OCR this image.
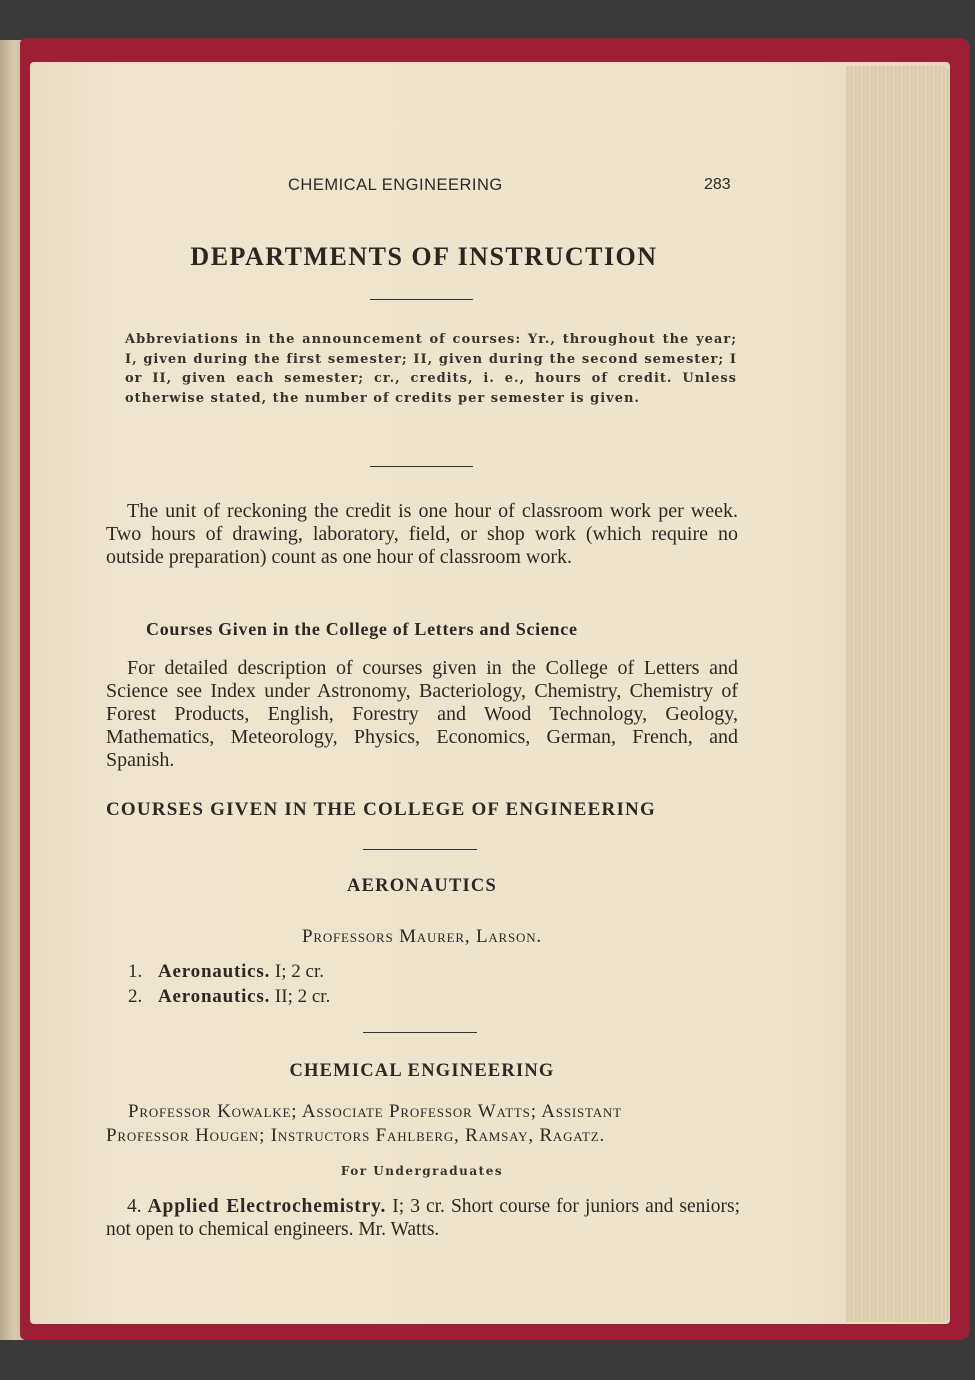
CHEMICAL ENGINEERING	283
DEPARTMENTS OF INSTRUCTION
Abbreviations in the announcement of courses: Yr., throughout the year; I, given during the first semester; II, given during the second semester; I or II, given each semester; cr., credits, i. e., hours of credit. Unless otherwise stated, the number of credits per semester is given.
The unit of reckoning the credit is one hour of classroom work per week. Two hours of drawing, laboratory, field, or shop work (which require no outside preparation) count as one hour of classroom work.
Courses Given in the College of Letters and Science
For detailed description of courses given in the College of Letters and Science see Index under Astronomy, Bacteriology, Chemistry, Chemistry of Forest Products, English, Forestry and Wood Technology, Geology, Mathematics, Meteorology, Physics, Economics, German, French, and Spanish.
COURSES GIVEN IN THE COLLEGE OF ENGINEERING
AERONAUTICS
Professors Maurer, Larson.
1. Aeronautics. I; 2 cr.
2. Aeronautics. II; 2 cr.
CHEMICAL ENGINEERING
Professor Kowalke; Associate Professor Watts; Assistant
Professor Hougen; Instructors Fahlberg, Ramsay, Ragatz.
For Undergraduates
4. Applied Electrochemistry. I; 3 cr. Short course for juniors and seniors; not open to chemical engineers. Mr. Watts.
